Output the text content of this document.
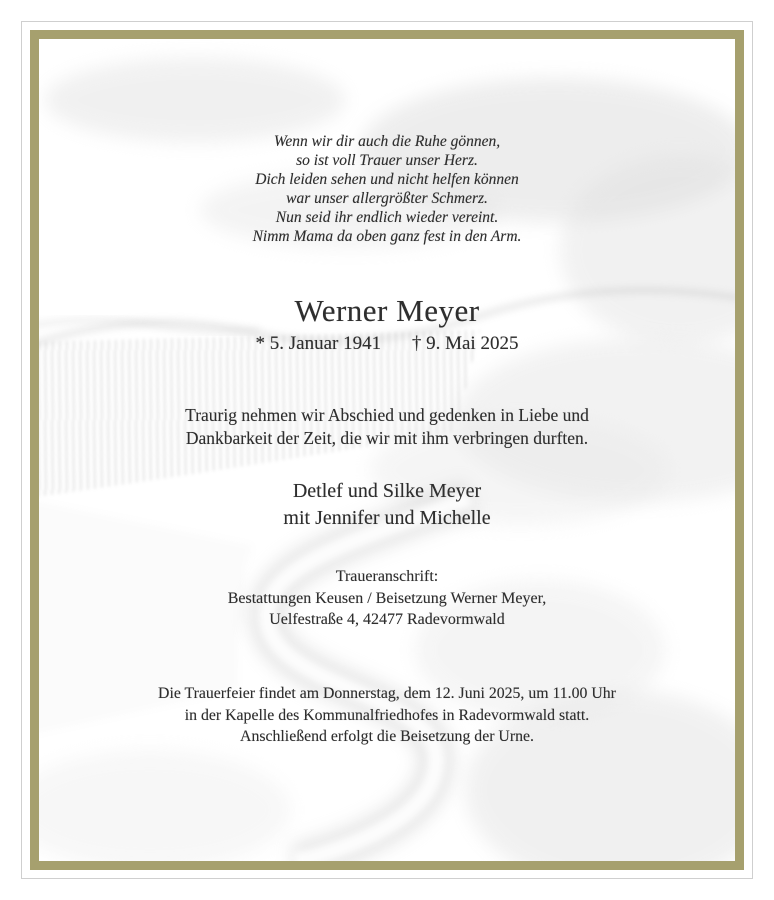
Wenn wir dir auch die Ruhe gönnen,
so ist voll Trauer unser Herz.
Dich leiden sehen und nicht helfen können
war unser allergrößter Schmerz.
Nun seid ihr endlich wieder vereint.
Nimm Mama da oben ganz fest in den Arm.
Werner Meyer
* 5. Januar 1941 † 9. Mai 2025
Traurig nehmen wir Abschied und gedenken in Liebe und
Dankbarkeit der Zeit, die wir mit ihm verbringen durften.
Detlef und Silke Meyer
mit Jennifer und Michelle
Traueranschrift:
Bestattungen Keusen / Beisetzung Werner Meyer,
Uelfestraße 4, 42477 Radevormwald
Die Trauerfeier findet am Donnerstag, dem 12. Juni 2025, um 11.00 Uhr
in der Kapelle des Kommunalfriedhofes in Radevormwald statt.
Anschließend erfolgt die Beisetzung der Urne.
